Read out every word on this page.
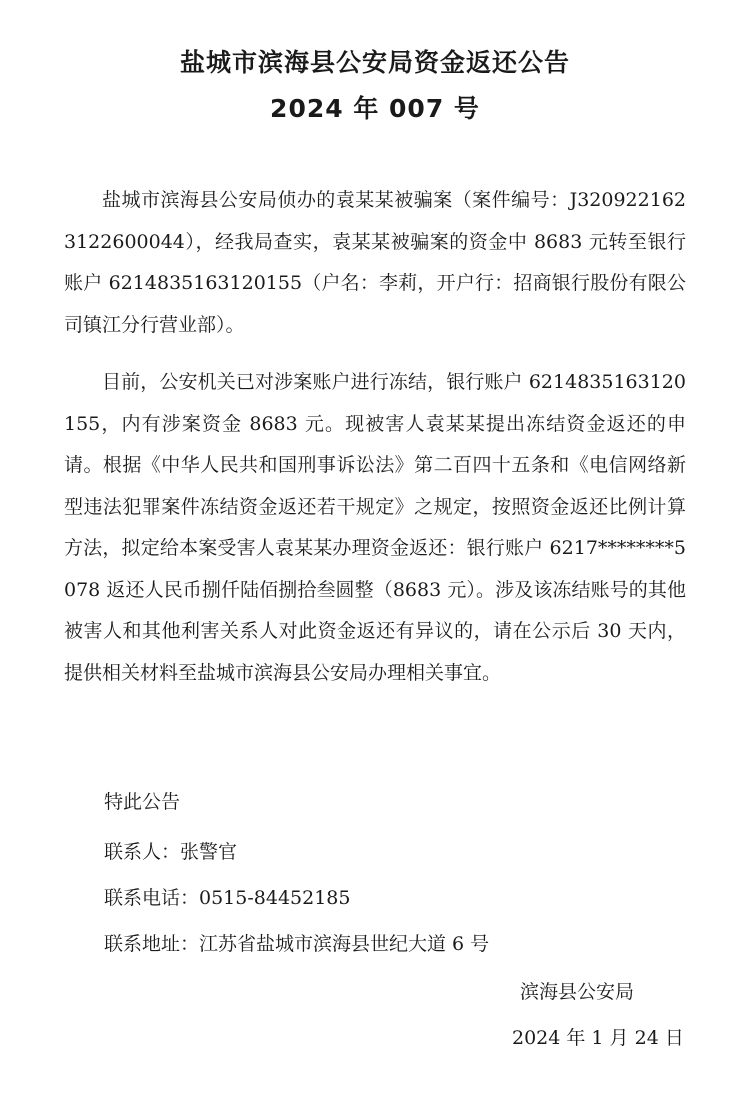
盐城市滨海县公安局资金返还公告
2024 年 007 号

盐城市滨海县公安局侦办的袁某某被骗案（案件编号：J3209221623122600044），经我局查实，袁某某被骗案的资金中 8683 元转至银行账户 6214835163120155（户名：李莉，开户行：招商银行股份有限公司镇江分行营业部）。

目前，公安机关已对涉案账户进行冻结，银行账户 6214835163120155，内有涉案资金 8683 元。现被害人袁某某提出冻结资金返还的申请。根据《中华人民共和国刑事诉讼法》第二百四十五条和《电信网络新型违法犯罪案件冻结资金返还若干规定》之规定，按照资金返还比例计算方法，拟定给本案受害人袁某某办理资金返还：银行账户 6217********5078 返还人民币捌仟陆佰捌拾叁圆整（8683 元）。涉及该冻结账号的其他被害人和其他利害关系人对此资金返还有异议的，请在公示后 30 天内，提供相关材料至盐城市滨海县公安局办理相关事宜。

特此公告

联系人：张警官

联系电话：0515-84452185

联系地址：江苏省盐城市滨海县世纪大道 6 号

滨海县公安局

2024 年 1 月 24 日
